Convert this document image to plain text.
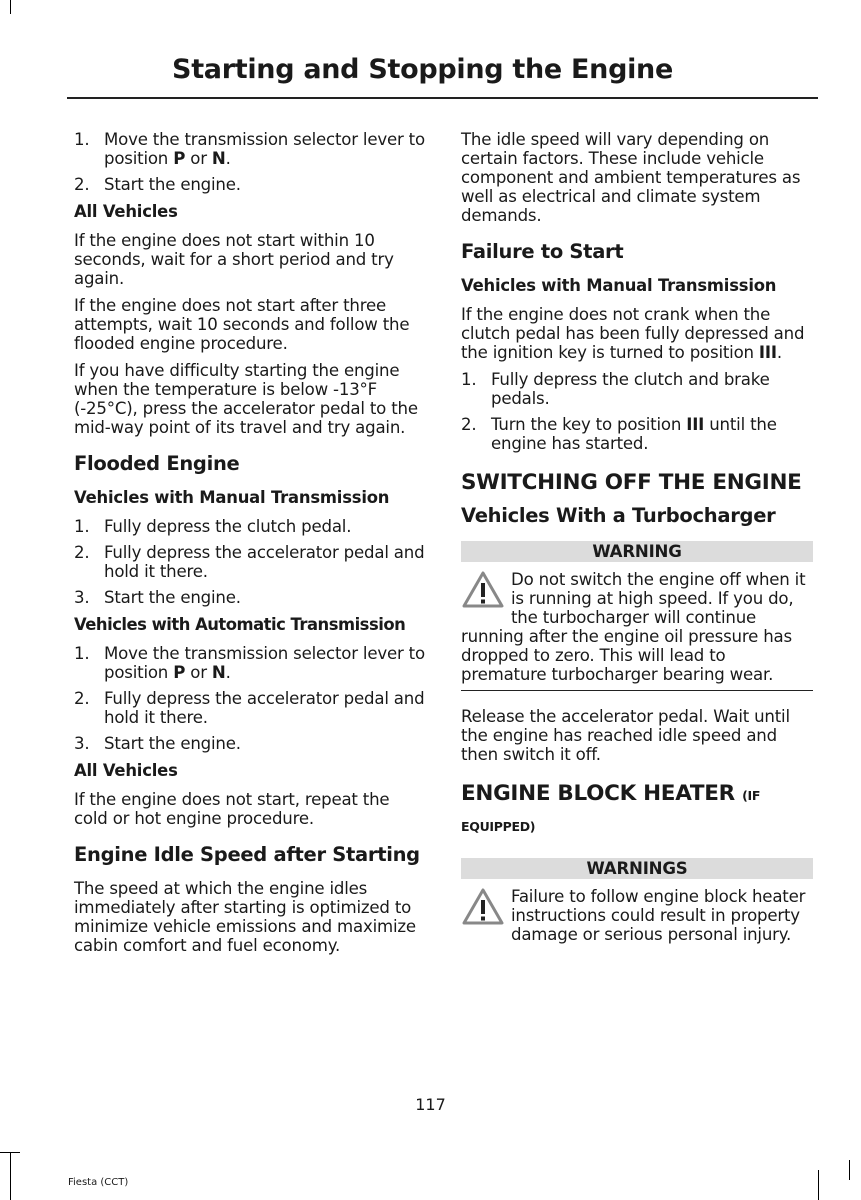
Starting and Stopping the Engine
1. Move the transmission selector lever to position P or N.
2. Start the engine.
All Vehicles

If the engine does not start within 10 seconds, wait for a short period and try again.

If the engine does not start after three attempts, wait 10 seconds and follow the flooded engine procedure.

If you have difficulty starting the engine when the temperature is below -13°F (-25°C), press the accelerator pedal to the mid-way point of its travel and try again.

Flooded Engine
Vehicles with Manual Transmission
1. Fully depress the clutch pedal.
2. Fully depress the accelerator pedal and hold it there.
3. Start the engine.
Vehicles with Automatic Transmission
1. Move the transmission selector lever to position P or N.
2. Fully depress the accelerator pedal and hold it there.
3. Start the engine.
All Vehicles

If the engine does not start, repeat the cold or hot engine procedure.

Engine Idle Speed after Starting

The speed at which the engine idles immediately after starting is optimized to minimize vehicle emissions and maximize cabin comfort and fuel economy.

The idle speed will vary depending on certain factors. These include vehicle component and ambient temperatures as well as electrical and climate system demands.

Failure to Start
Vehicles with Manual Transmission

If the engine does not crank when the clutch pedal has been fully depressed and the ignition key is turned to position III.

1. Fully depress the clutch and brake pedals.
2. Turn the key to position III until the engine has started.
SWITCHING OFF THE ENGINE
Vehicles With a Turbocharger
WARNING

Do not switch the engine off when it is running at high speed. If you do, the turbocharger will continue running after the engine oil pressure has dropped to zero. This will lead to premature turbocharger bearing wear.

Release the accelerator pedal. Wait until the engine has reached idle speed and then switch it off.

ENGINE BLOCK HEATER (IF
EQUIPPED)
WARNINGS

Failure to follow engine block heater instructions could result in property damage or serious personal injury.

117
Fiesta (CCT)
